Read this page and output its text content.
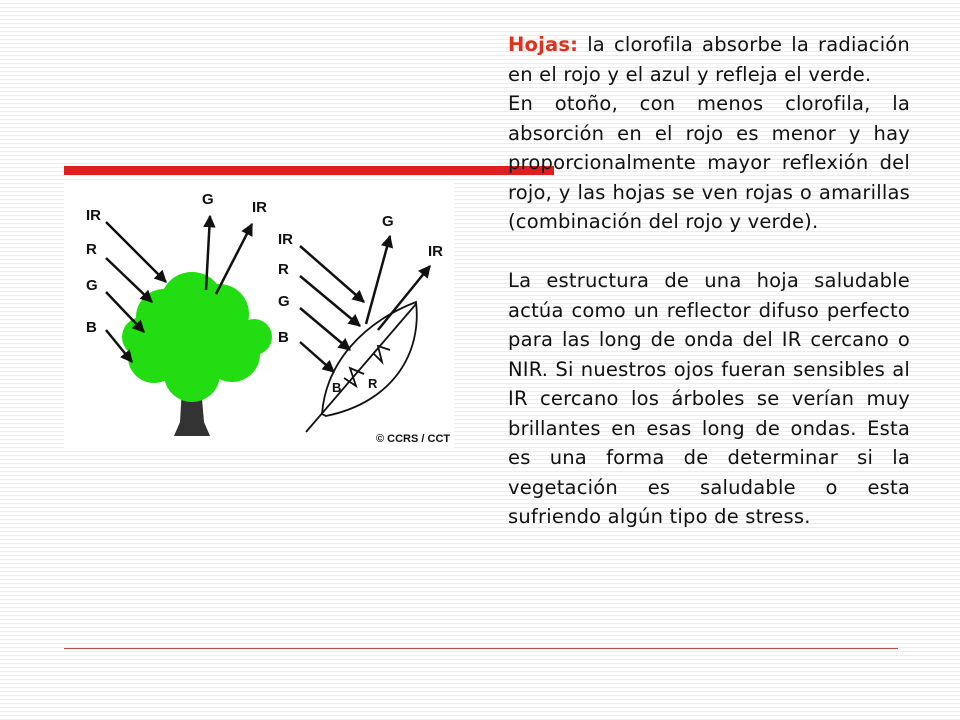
IR
R
G
B
G	IR
IR
R
G
B
B R
G
IR
© CCRS / CCT

Hojas: la clorofila absorbe la radiación en el rojo y el azul y refleja el verde.

En otoño, con menos clorofila, la absorción en el rojo es menor y hay proporcionalmente mayor reflexión del rojo, y las hojas se ven rojas o amarillas (combinación del rojo y verde).

La estructura de una hoja saludable actúa como un reflector difuso perfecto para las long de onda del IR cercano o NIR. Si nuestros ojos fueran sensibles al IR cercano los árboles se verían muy brillantes en esas long de ondas. Esta es una forma de determinar si la vegetación es saludable o esta sufriendo algún tipo de stress.
